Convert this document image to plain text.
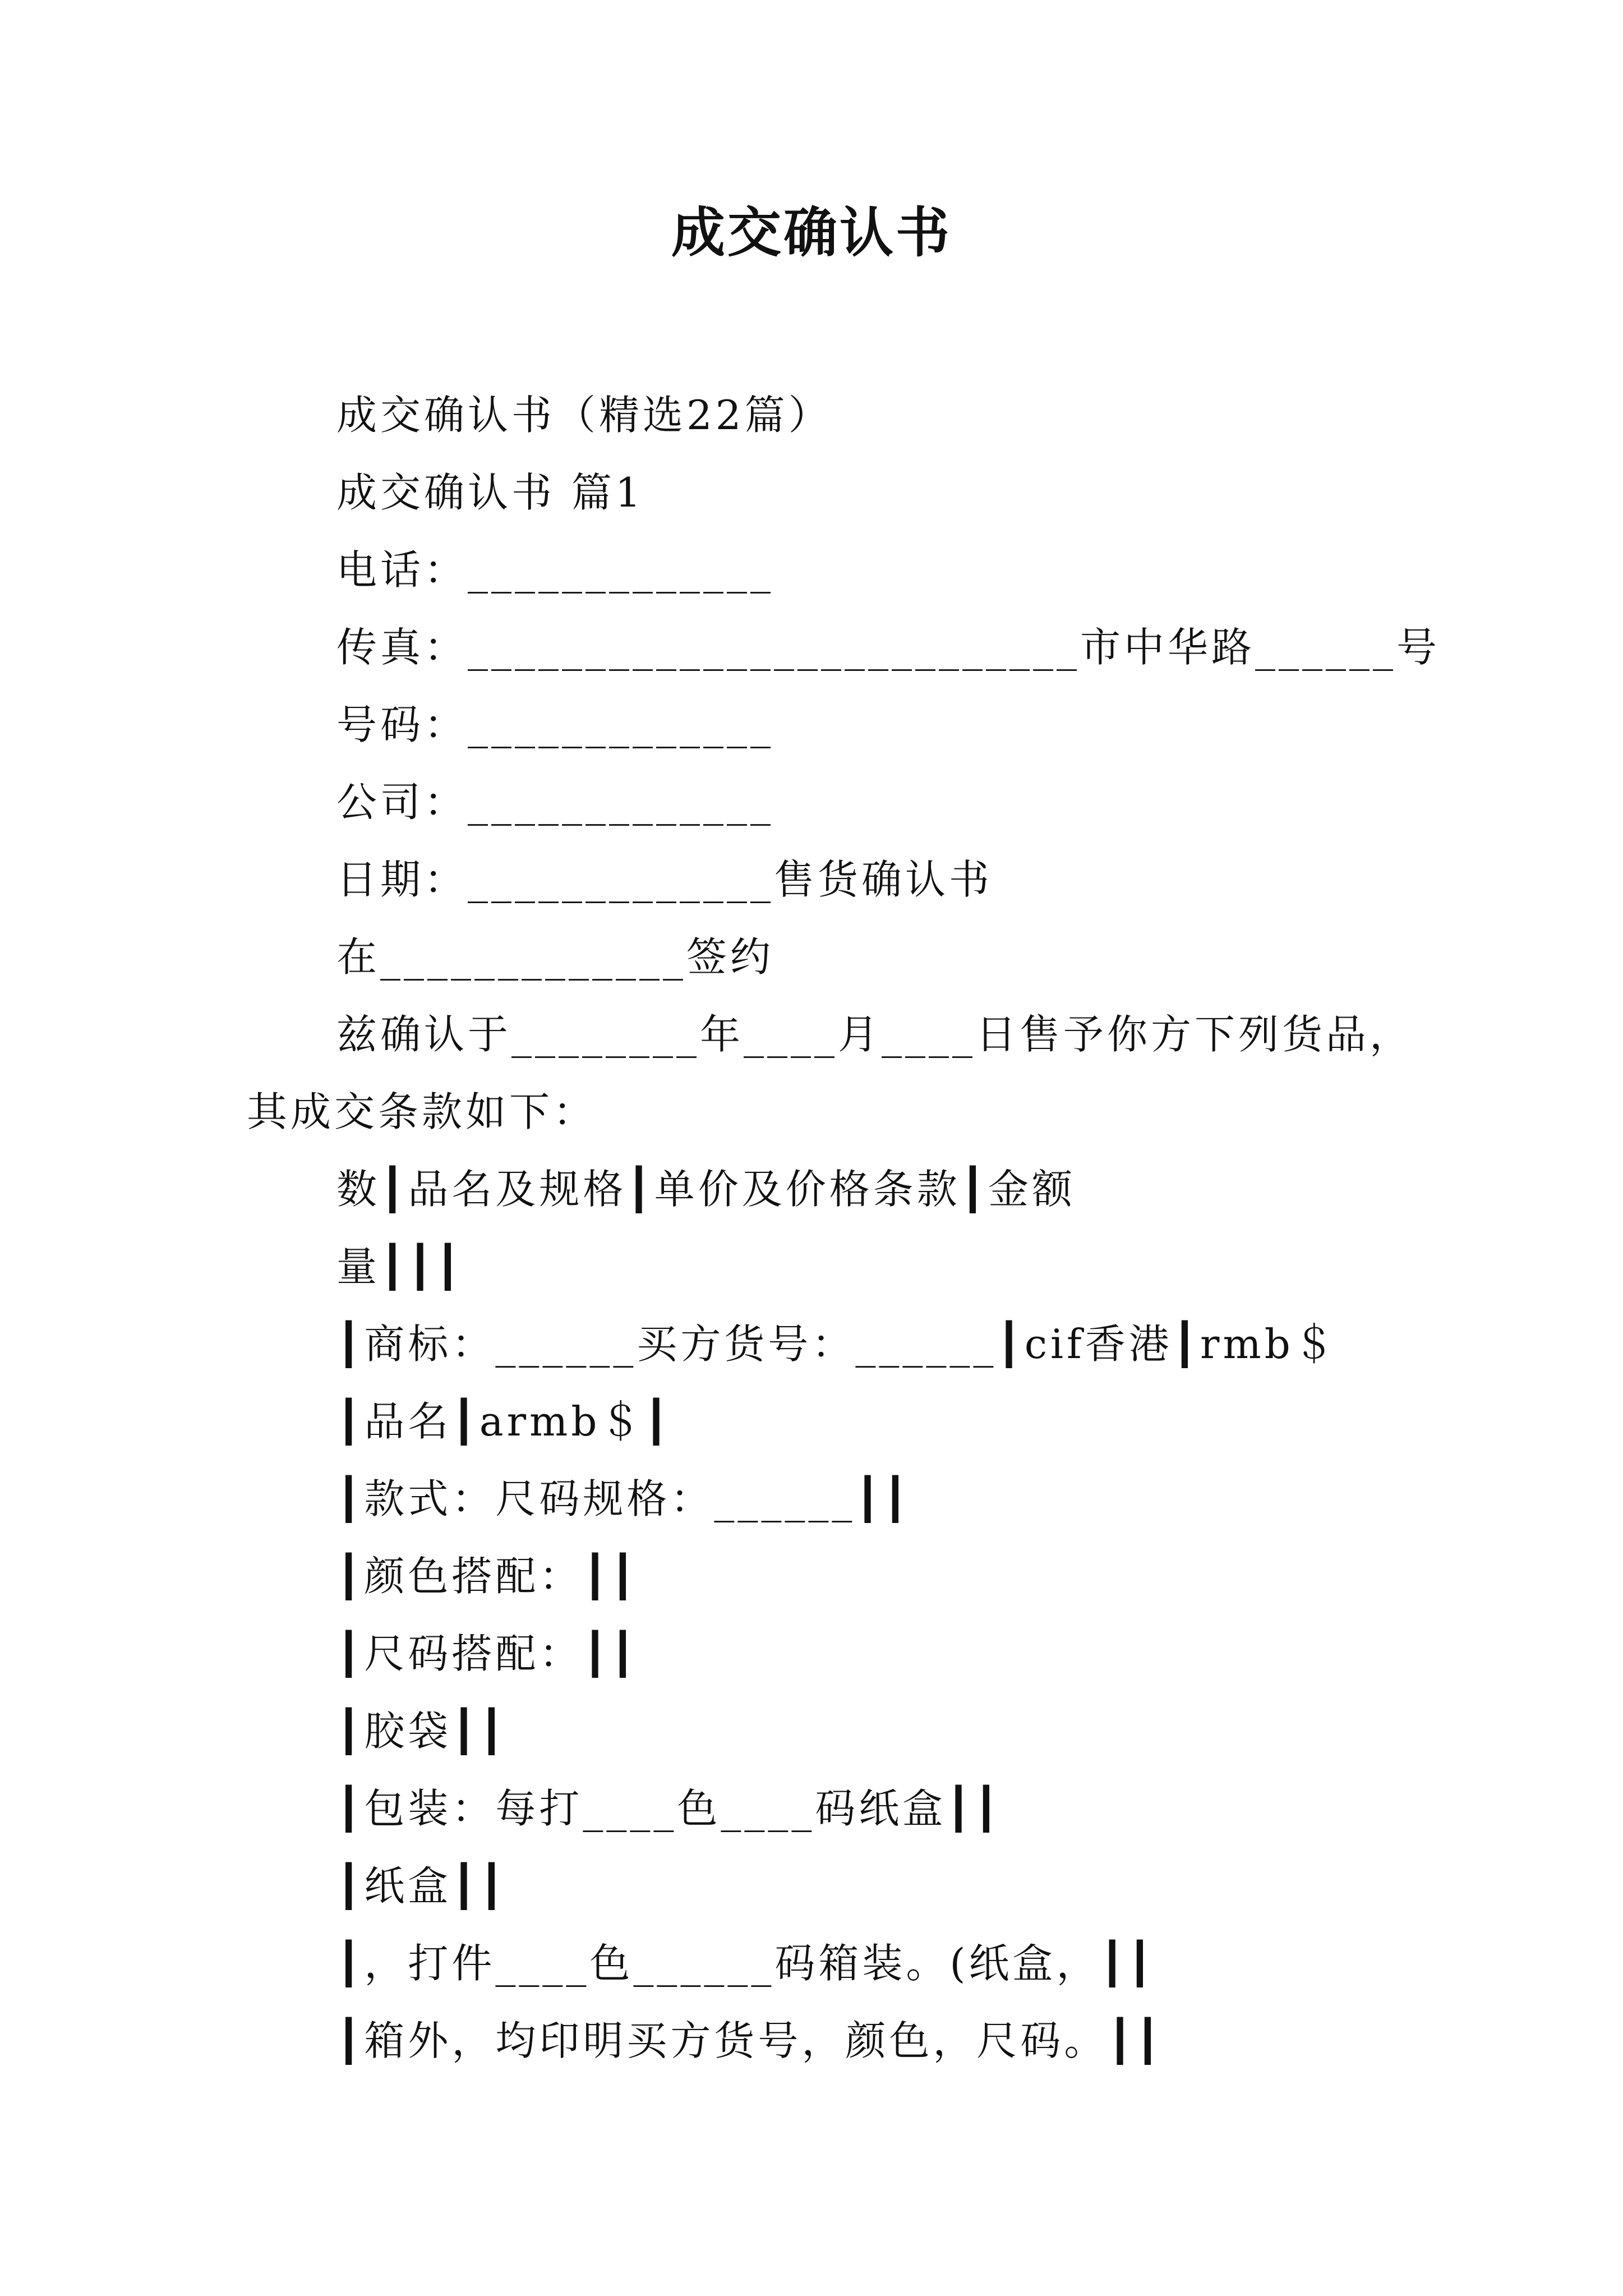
成交确认书

成交确认书（精选22篇）

成交确认书 篇1

电话：_____________

传真：__________________________市中华路______号

号码：_____________

公司：_____________

日期：_____________售货确认书

在_____________签约

兹确认于________年____月____日售予你方下列货品，

其成交条款如下：

数┃品名及规格┃单价及价格条款┃金额

量┃┃┃

┃商标：______买方货号：______┃cif香港┃rmb＄

┃品名┃armb＄┃

┃款式：尺码规格：______┃┃

┃颜色搭配：┃┃

┃尺码搭配：┃┃

┃胶袋┃┃

┃包装：每打____色____码纸盒┃┃

┃纸盒┃┃

┃，打件____色______码箱装。(纸盒，┃┃

┃箱外，均印明买方货号，颜色，尺码。┃┃
